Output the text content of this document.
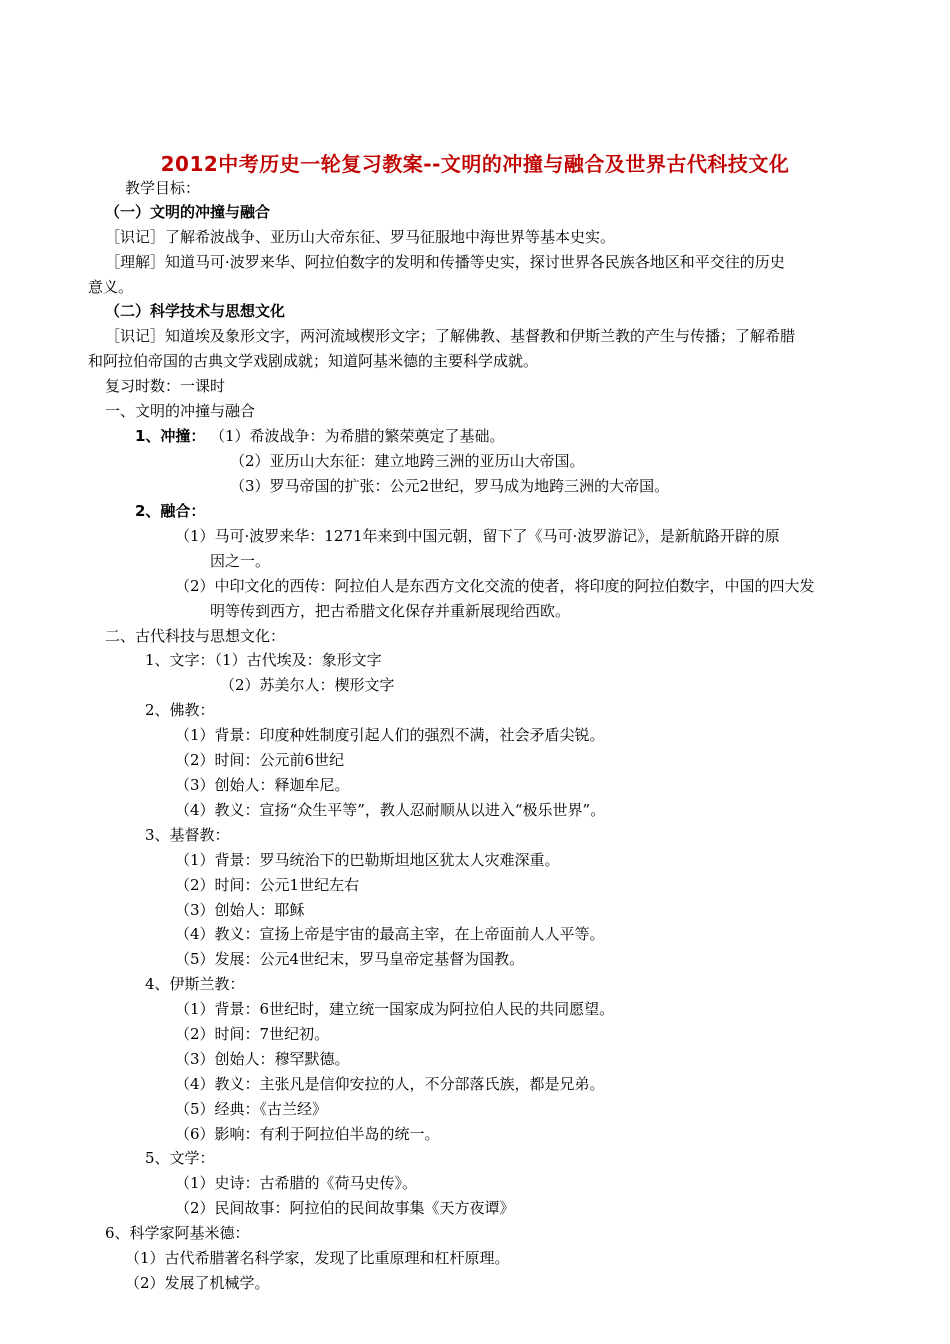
2012中考历史一轮复习教案--文明的冲撞与融合及世界古代科技文化
教学目标：
（一）文明的冲撞与融合
［识记］了解希波战争、亚历山大帝东征、罗马征服地中海世界等基本史实。
［理解］知道马可·波罗来华、阿拉伯数字的发明和传播等史实，探讨世界各民族各地区和平交往的历史
意义。
（二）科学技术与思想文化
［识记］知道埃及象形文字，两河流域楔形文字；了解佛教、基督教和伊斯兰教的产生与传播；了解希腊
和阿拉伯帝国的古典文学戏剧成就；知道阿基米德的主要科学成就。
复习时数：一课时
一、文明的冲撞与融合
1、冲撞： （1）希波战争：为希腊的繁荣奠定了基础。
（2）亚历山大东征：建立地跨三洲的亚历山大帝国。
（3）罗马帝国的扩张：公元2世纪，罗马成为地跨三洲的大帝国。
2、融合：
（1）马可·波罗来华：1271年来到中国元朝，留下了《马可·波罗游记》，是新航路开辟的原
因之一。
（2）中印文化的西传：阿拉伯人是东西方文化交流的使者，将印度的阿拉伯数字，中国的四大发
明等传到西方，把古希腊文化保存并重新展现给西欧。
二、古代科技与思想文化：
1、文字：（1）古代埃及：象形文字
（2）苏美尔人：楔形文字
2、佛教：
（1）背景：印度种姓制度引起人们的强烈不满，社会矛盾尖锐。
（2）时间：公元前6世纪
（3）创始人：释迦牟尼。
（4）教义：宣扬“众生平等”，教人忍耐顺从以进入“极乐世界”。
3、基督教：
（1）背景：罗马统治下的巴勒斯坦地区犹太人灾难深重。
（2）时间：公元1世纪左右
（3）创始人：耶稣
（4）教义：宣扬上帝是宇宙的最高主宰，在上帝面前人人平等。
（5）发展：公元4世纪末，罗马皇帝定基督为国教。
4、伊斯兰教：
（1）背景：6世纪时，建立统一国家成为阿拉伯人民的共同愿望。
（2）时间：7世纪初。
（3）创始人：穆罕默德。
（4）教义：主张凡是信仰安拉的人，不分部落氏族，都是兄弟。
（5）经典：《古兰经》
（6）影响：有利于阿拉伯半岛的统一。
5、文学：
（1）史诗：古希腊的《荷马史传》。
（2）民间故事：阿拉伯的民间故事集《天方夜谭》
6、科学家阿基米德：
（1）古代希腊著名科学家，发现了比重原理和杠杆原理。
（2）发展了机械学。
